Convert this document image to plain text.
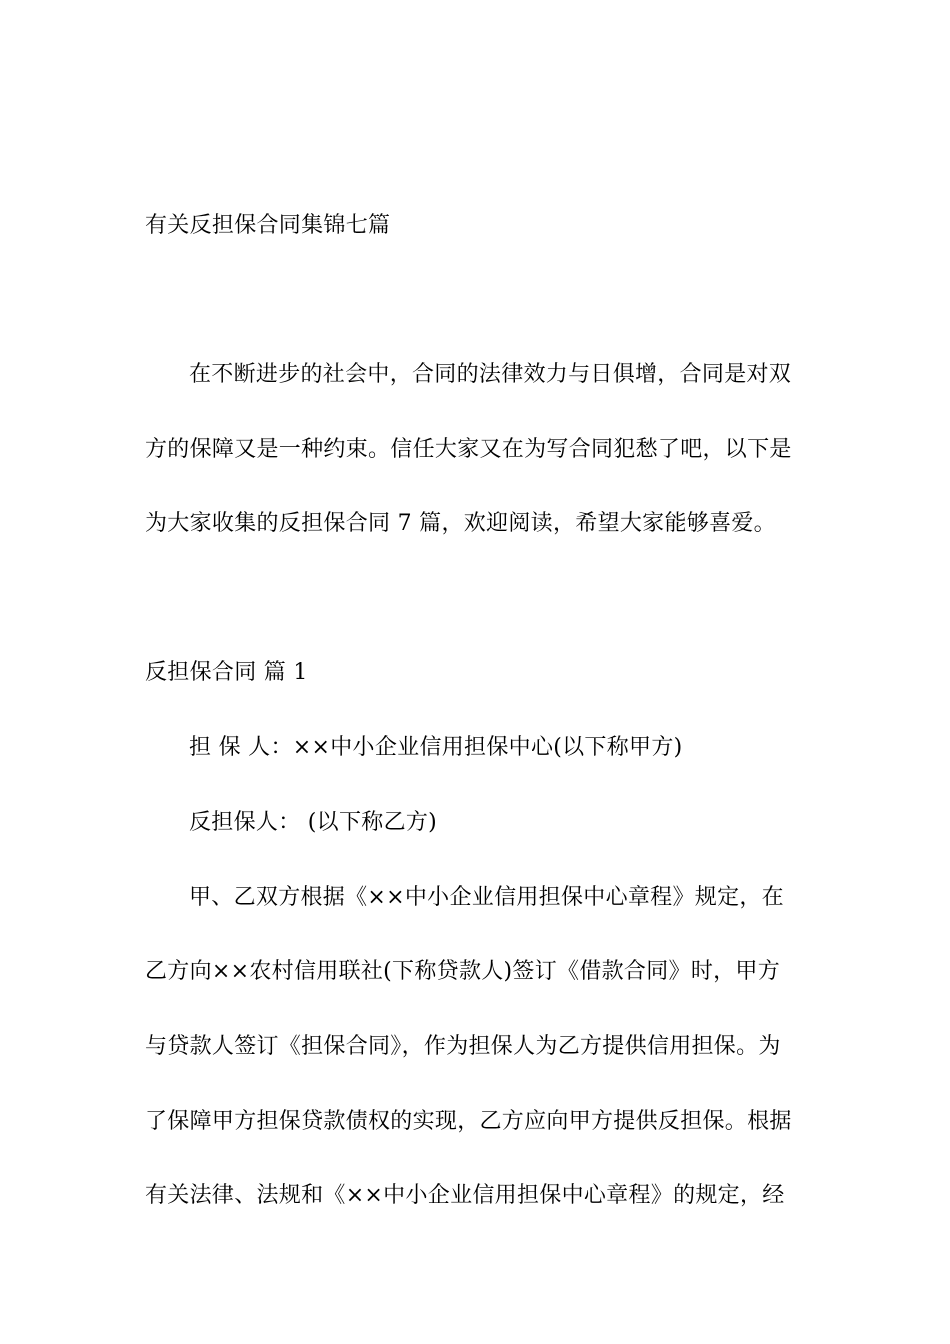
有关反担保合同集锦七篇
在不断进步的社会中，合同的法律效力与日俱增，合同是对双
方的保障又是一种约束。信任大家又在为写合同犯愁了吧，以下是
为大家收集的反担保合同 7 篇，欢迎阅读，希望大家能够喜爱。
反担保合同 篇 1
担 保 人：××中小企业信用担保中心(以下称甲方)
反担保人： (以下称乙方)
甲、乙双方根据《××中小企业信用担保中心章程》规定，在
乙方向××农村信用联社(下称贷款人)签订《借款合同》时，甲方
与贷款人签订《担保合同》，作为担保人为乙方提供信用担保。为
了保障甲方担保贷款债权的实现，乙方应向甲方提供反担保。根据
有关法律、法规和《××中小企业信用担保中心章程》的规定，经
